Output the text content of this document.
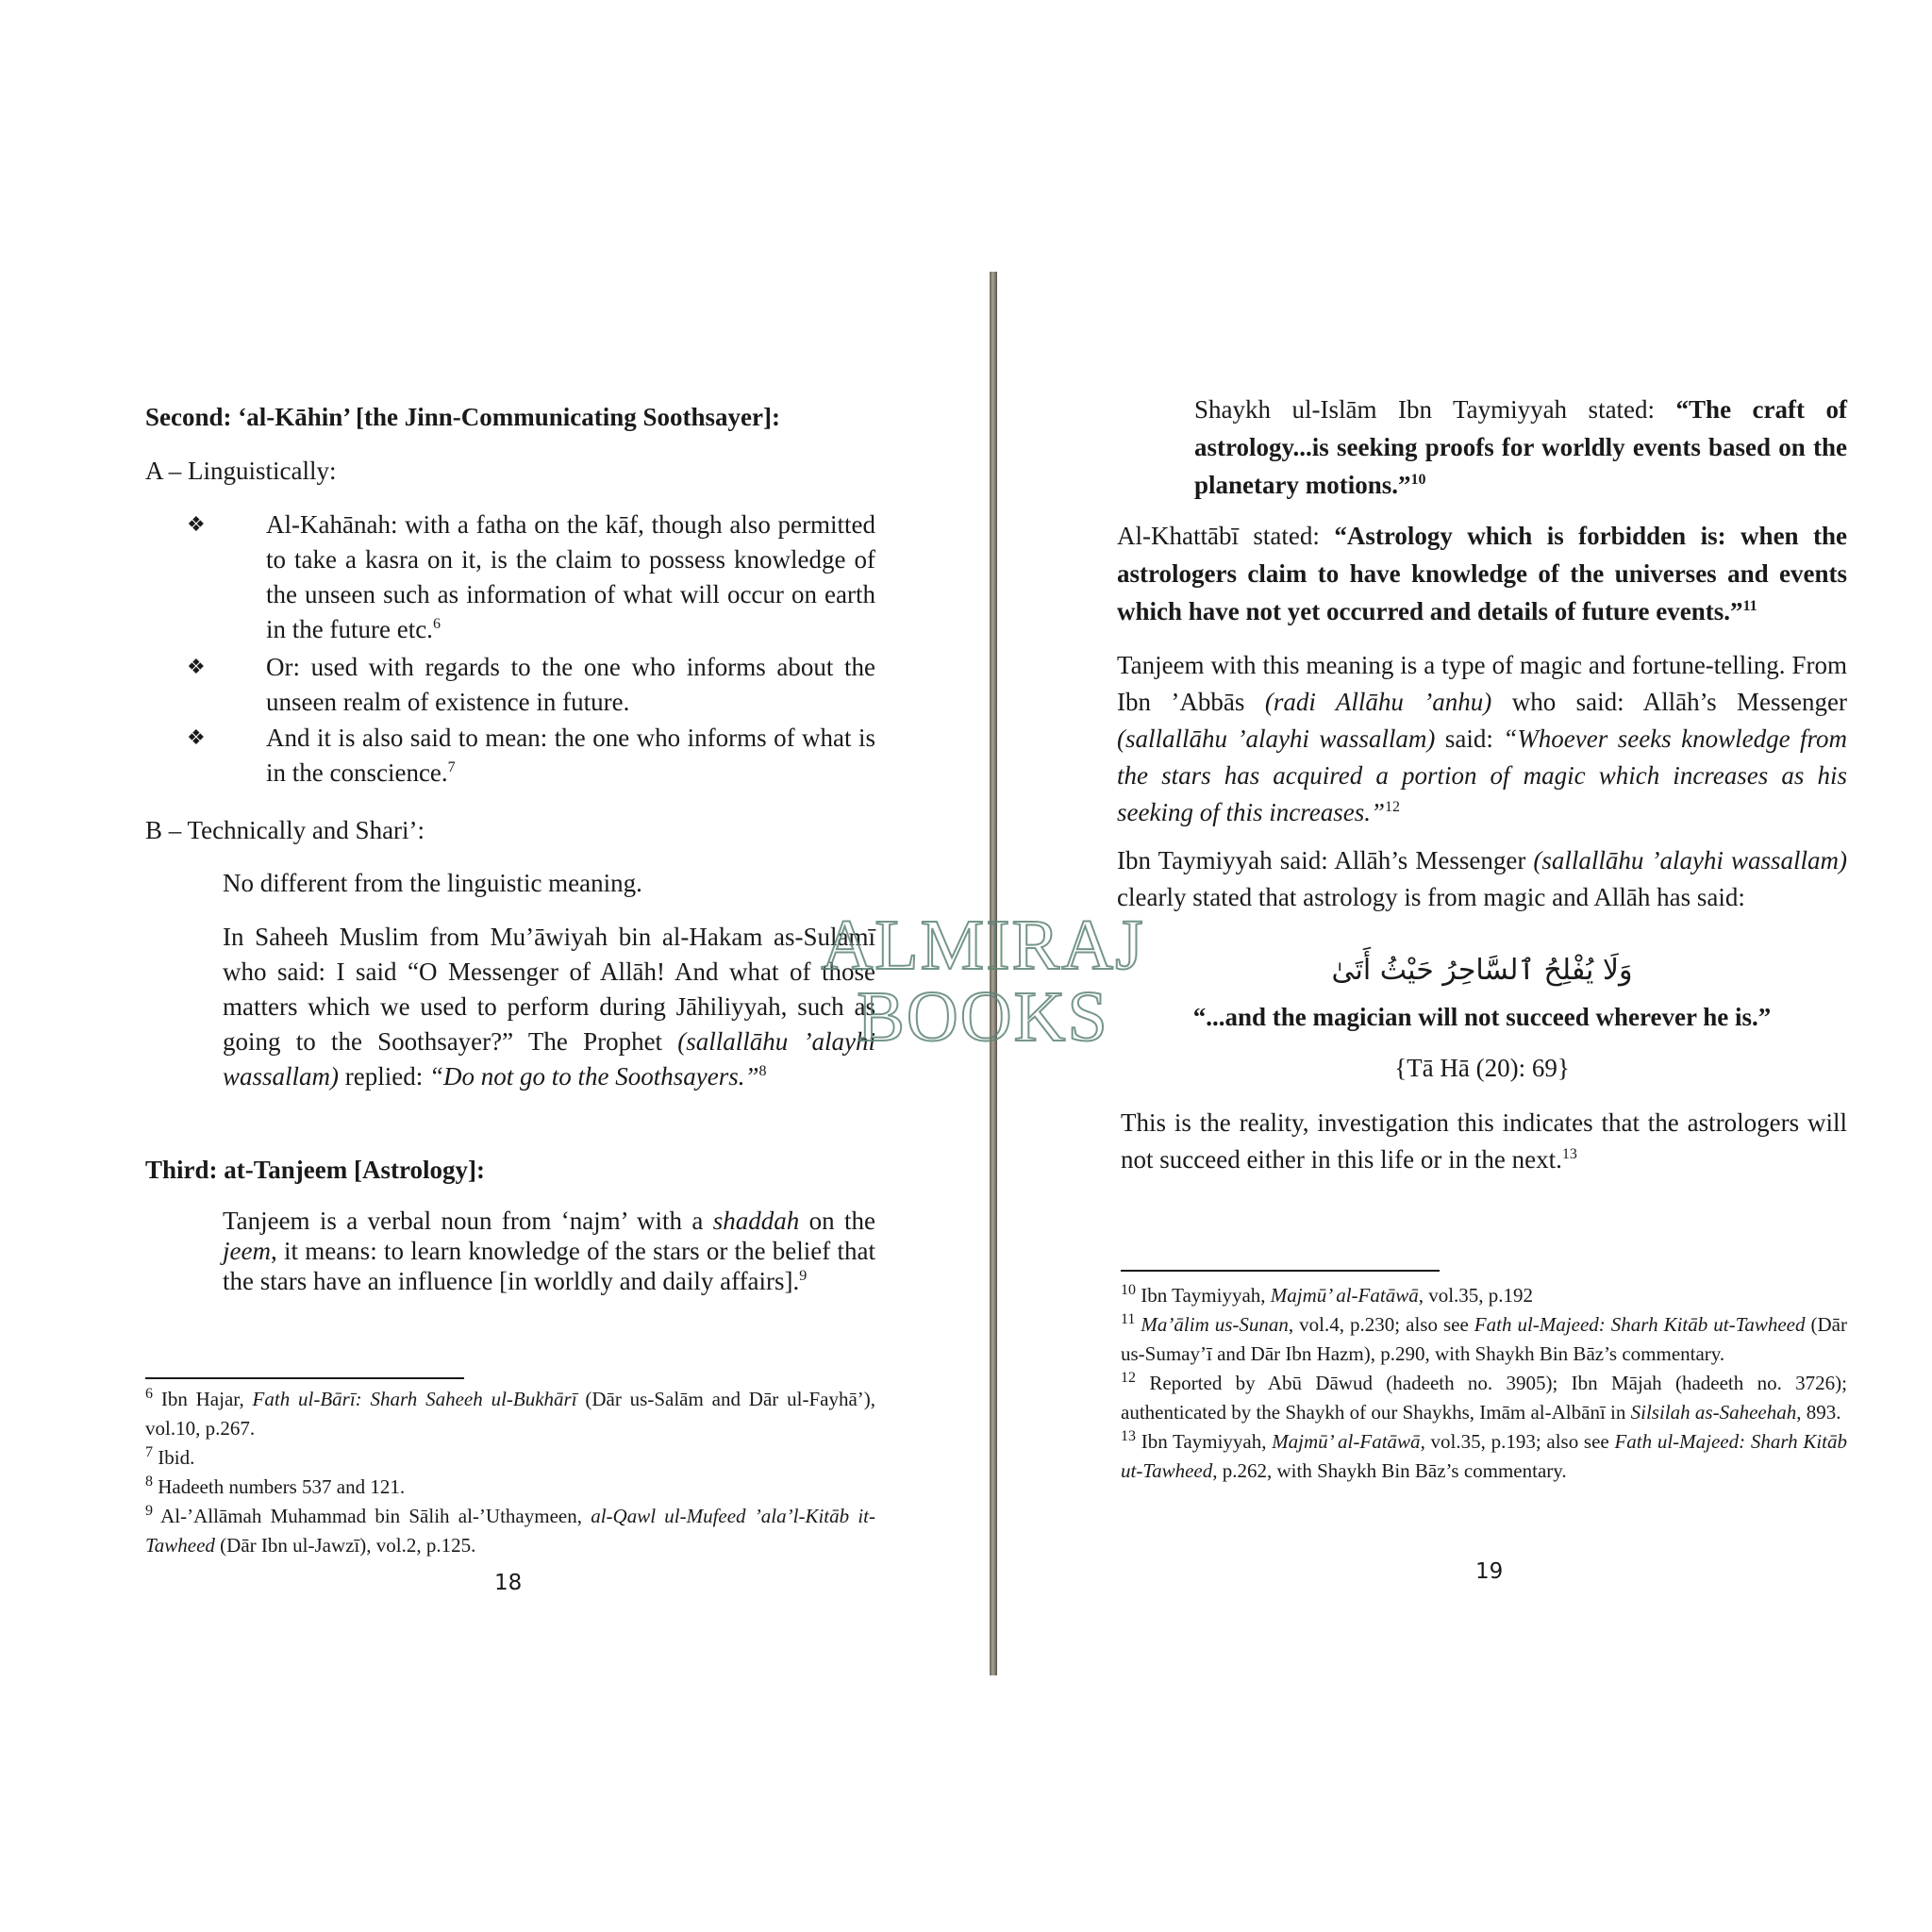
Second: ‘al-Kāhin’ [the Jinn-Communicating Soothsayer]:

A – Linguistically:

❖ Al-Kahānah: with a fatha on the kāf, though also permitted to take a kasra on it, is the claim to possess knowledge of the unseen such as information of what will occur on earth in the future etc.$^6$

❖ Or: used with regards to the one who informs about the unseen realm of existence in future.

❖ And it is also said to mean: the one who informs of what is in the conscience.$^7$

B – Technically and Shari’:

No different from the linguistic meaning.

In Saheeh Muslim from Mu’āwiyah bin al-Hakam as-Sulamī who said: I said “O Messenger of Allāh! And what of those matters which we used to perform during Jāhiliyyah, such as going to the Soothsayer?” The Prophet (sallallāhu ’alayhi wassallam) replied: “Do not go to the Soothsayers.”$^8$

Third: at-Tanjeem [Astrology]:

Tanjeem is a verbal noun from ‘najm’ with a shaddah on the jeem, it means: to learn knowledge of the stars or the belief that the stars have an influence [in worldly and daily affairs].$^9$

$^6$ Ibn Hajar, Fath ul-Bārī: Sharh Saheeh ul-Bukhārī (Dār us-Salām and Dār ul-Fayhā’), vol.10, p.267.

$^7$ Ibid.

$^8$ Hadeeth numbers 537 and 121.

$^9$ Al-’Allāmah Muhammad bin Sālih al-’Uthaymeen, al-Qawl ul-Mufeed ’ala’l-Kitāb it-Tawheed (Dār Ibn ul-Jawzī), vol.2, p.125.

18

Shaykh ul-Islām Ibn Taymiyyah stated: “The craft of astrology...is seeking proofs for worldly events based on the planetary motions.”$^{10}$

Al-Khattābī stated: “Astrology which is forbidden is: when the astrologers claim to have knowledge of the universes and events which have not yet occurred and details of future events.”$^{11}$

Tanjeem with this meaning is a type of magic and fortune-telling. From Ibn ’Abbās (radi Allāhu ’anhu) who said: Allāh’s Messenger (sallallāhu ’alayhi wassallam) said: “Whoever seeks knowledge from the stars has acquired a portion of magic which increases as his seeking of this increases.”$^{12}$

Ibn Taymiyyah said: Allāh’s Messenger (sallallāhu ’alayhi wassallam) clearly stated that astrology is from magic and Allāh has said:

وَلَا يُفْلِحُ ٱلسَّاحِرُ حَيْثُ أَتَىٰ

“...and the magician will not succeed wherever he is.”

{Tā Hā (20): 69}

This is the reality, investigation this indicates that the astrologers will not succeed either in this life or in the next.$^{13}$

$^{10}$ Ibn Taymiyyah, Majmū’ al-Fatāwā, vol.35, p.192

$^{11}$ Ma’ālim us-Sunan, vol.4, p.230; also see Fath ul-Majeed: Sharh Kitāb ut-Tawheed (Dār us-Sumay’ī and Dār Ibn Hazm), p.290, with Shaykh Bin Bāz’s commentary.

$^{12}$ Reported by Abū Dāwud (hadeeth no. 3905); Ibn Mājah (hadeeth no. 3726); authenticated by the Shaykh of our Shaykhs, Imām al-Albānī in Silsilah as-Saheehah, 893.

$^{13}$ Ibn Taymiyyah, Majmū’ al-Fatāwā, vol.35, p.193; also see Fath ul-Majeed: Sharh Kitāb ut-Tawheed, p.262, with Shaykh Bin Bāz’s commentary.

19
ALMIRAJ BOOKS
